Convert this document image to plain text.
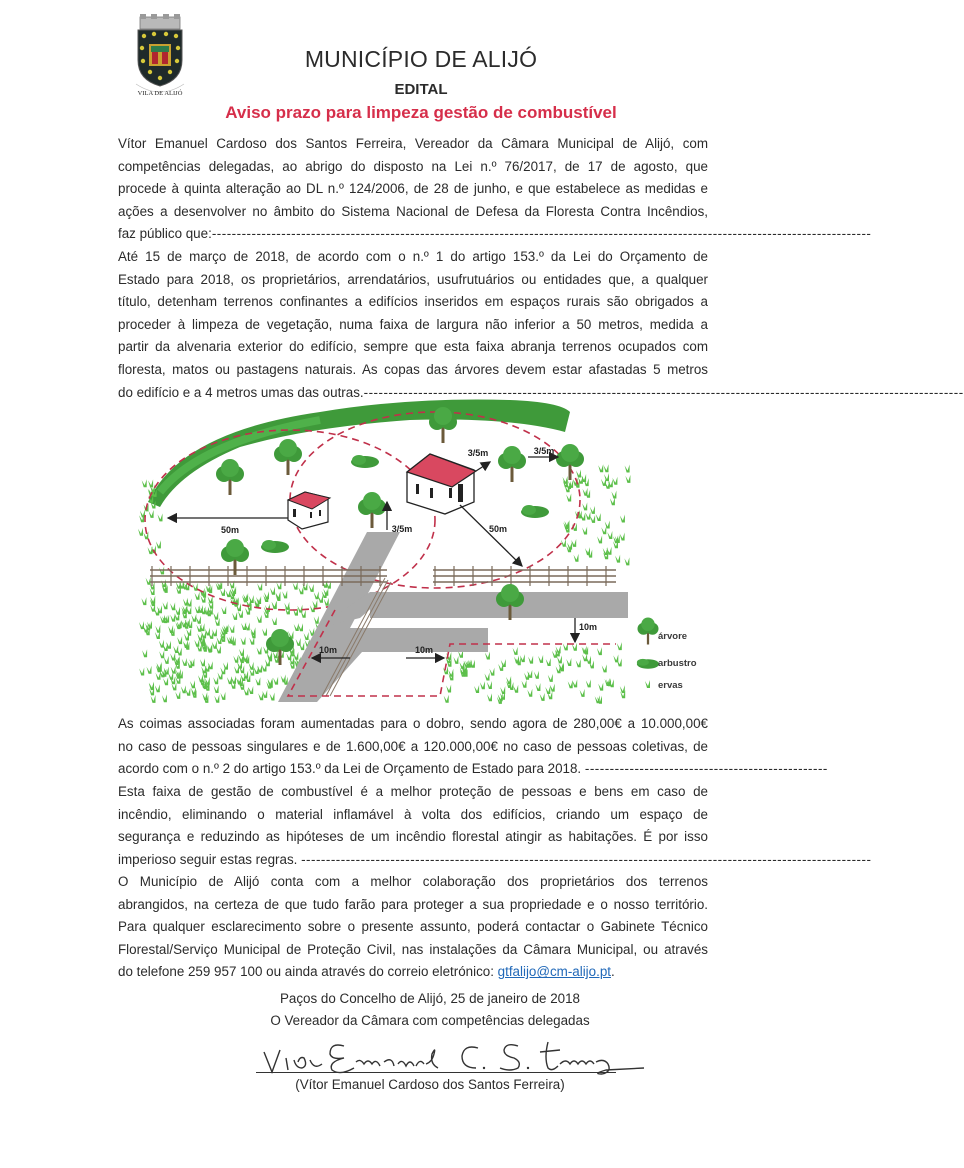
VILA DE ALIJÓ
MUNICÍPIO DE ALIJÓ
EDITAL
Aviso prazo para limpeza gestão de combustível
Vítor Emanuel Cardoso dos Santos Ferreira, Vereador da Câmara Municipal de Alijó, com
competências delegadas, ao abrigo do disposto na Lei n.º 76/2017, de 17 de agosto, que
procede à quinta alteração ao DL n.º 124/2006, de 28 de junho, e que estabelece as medidas e
ações a desenvolver no âmbito do Sistema Nacional de Defesa da Floresta Contra Incêndios,
faz público que: -------------------------------------------------------------------------------------------------------------------------------------
Até 15 de março de 2018, de acordo com o n.º 1 do artigo 153.º da Lei do Orçamento de
Estado para 2018, os proprietários, arrendatários, usufrutuários ou entidades que, a qualquer
título, detenham terrenos confinantes a edifícios inseridos em espaços rurais são obrigados a
proceder à limpeza de vegetação, numa faixa de largura não inferior a 50 metros, medida a
partir da alvenaria exterior do edifício, sempre que esta faixa abranja terrenos ocupados com
floresta, matos ou pastagens naturais. As copas das árvores devem estar afastadas 5 metros
do edifício e a 4 metros umas das outras. -------------------------------------------------------------------------------------------------------------------------
50m	50m
3/5m
3/5m	3/5m
10m	10m
10m
árvore
arbustro
ervas
As coimas associadas foram aumentadas para o dobro, sendo agora de 280,00€ a 10.000,00€
no caso de pessoas singulares e de 1.600,00€ a 120.000,00€ no caso de pessoas coletivas, de
acordo com o n.º 2 do artigo 153.º da Lei de Orçamento de Estado para 2018. -------------------------------------------------
Esta faixa de gestão de combustível é a melhor proteção de pessoas e bens em caso de
incêndio, eliminando o material inflamável à volta dos edifícios, criando um espaço de
segurança e reduzindo as hipóteses de um incêndio florestal atingir as habitações. É por isso
imperioso seguir estas regras. -------------------------------------------------------------------------------------------------------------------
O Município de Alijó conta com a melhor colaboração dos proprietários dos terrenos
abrangidos, na certeza de que tudo farão para proteger a sua propriedade e o nosso território.
Para qualquer esclarecimento sobre o presente assunto, poderá contactar o Gabinete Técnico
Florestal/Serviço Municipal de Proteção Civil, nas instalações da Câmara Municipal, ou através
do telefone 259 957 100 ou ainda através do correio eletrónico: gtfalijo@cm-alijo.pt .
Paços do Concelho de Alijó, 25 de janeiro de 2018
O Vereador da Câmara com competências delegadas
(Vítor Emanuel Cardoso dos Santos Ferreira)
